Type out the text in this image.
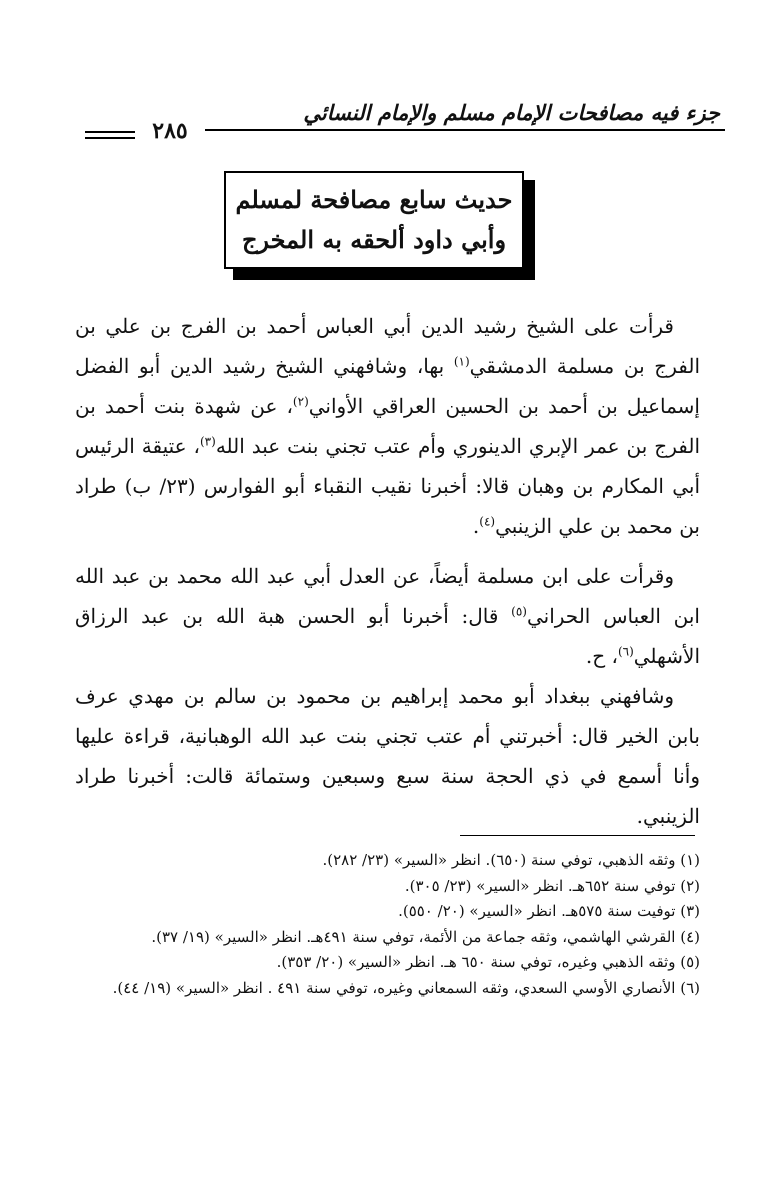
جزء فيه مصافحات الإمام مسلم والإمام النسائي
٢٨٥
حديث سابع مصافحة لمسلم
وأبي داود ألحقه به المخرج

قرأت على الشيخ رشيد الدين أبي العباس أحمد بن الفرج بن علي بن الفرج بن مسلمة الدمشقي$^{(١)}$ بها، وشافهني الشيخ رشيد الدين أبو الفضل إسماعيل بن أحمد بن الحسين العراقي الأواني$^{(٢)}$، عن شهدة بنت أحمد بن الفرج بن عمر الإبري الدينوري وأم عتب تجني بنت عبد الله$^{(٣)}$، عتيقة الرئيس أبي المكارم بن وهبان قالا: أخبرنا نقيب النقباء أبو الفوارس (٢٣/ ب) طراد بن محمد بن علي الزينبي$^{(٤)}$.

وقرأت على ابن مسلمة أيضاً، عن العدل أبي عبد الله محمد بن عبد الله ابن العباس الحراني$^{(٥)}$ قال: أخبرنا أبو الحسن هبة الله بن عبد الرزاق الأشهلي$^{(٦)}$، ح.

وشافهني ببغداد أبو محمد إبراهيم بن محمود بن سالم بن مهدي عرف بابن الخير قال: أخبرتني أم عتب تجني بنت عبد الله الوهبانية، قراءة عليها وأنا أسمع في ذي الحجة سنة سبع وسبعين وستمائة قالت: أخبرنا طراد الزينبي.

(١) وثقه الذهبي، توفي سنة (٦٥٠). انظر «السير» (٢٣/ ٢٨٢).

(٢) توفي سنة ٦٥٢هـ. انظر «السير» (٢٣/ ٣٠٥).

(٣) توفيت سنة ٥٧٥هـ. انظر «السير» (٢٠/ ٥٥٠).

(٤) القرشي الهاشمي، وثقه جماعة من الأئمة، توفي سنة ٤٩١هـ. انظر «السير» (١٩/ ٣٧).

(٥) وثقه الذهبي وغيره، توفي سنة ٦٥٠ هـ. انظر «السير» (٢٠/ ٣٥٣).

(٦) الأنصاري الأوسي السعدي، وثقه السمعاني وغيره، توفي سنة ٤٩١ . انظر «السير» (١٩/ ٤٤).
